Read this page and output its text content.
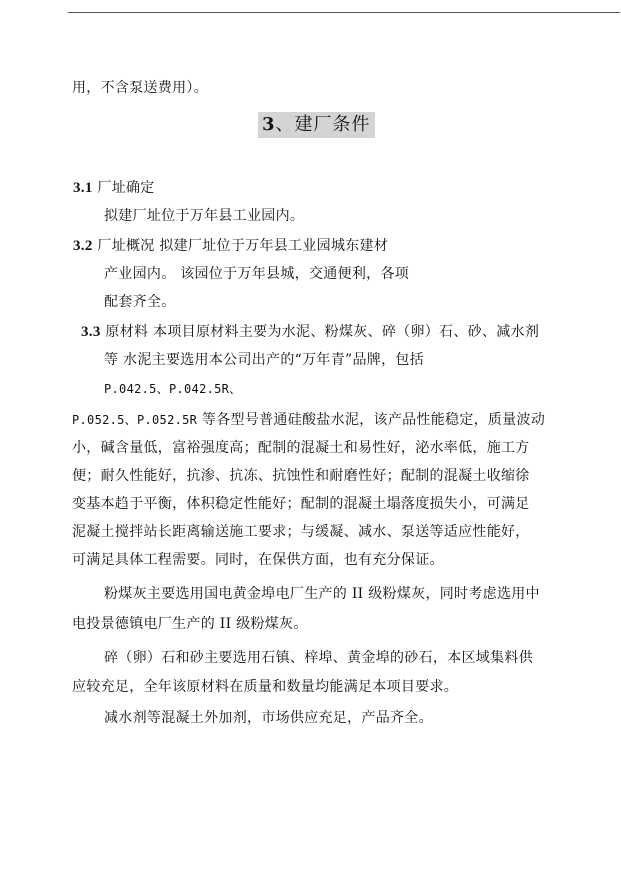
用，不含泵送费用）。
3、建厂条件
3.1 厂址确定
拟建厂址位于万年县工业园内。
3.2 厂址概况 拟建厂址位于万年县工业园城东建材
产业园内。 该园位于万年县城，交通便利，各项
配套齐全。
3.3 原材料 本项目原材料主要为水泥、粉煤灰、碎（卵）石、砂、减水剂
等 水泥主要选用本公司出产的“万年青”品牌，包括
P.042.5、P.042.5R、
P.052.5、P.052.5R 等各型号普通硅酸盐水泥，该产品性能稳定，质量波动
小，碱含量低，富裕强度高；配制的混凝土和易性好，泌水率低，施工方
便；耐久性能好，抗渗、抗冻、抗蚀性和耐磨性好；配制的混凝土收缩徐
变基本趋于平衡，体积稳定性能好；配制的混凝土塌落度损失小，可满足
泥凝土搅拌站长距离输送施工要求；与缓凝、减水、泵送等适应性能好，
可满足具体工程需要。同时，在保供方面，也有充分保证。
粉煤灰主要选用国电黄金埠电厂生产的 II 级粉煤灰，同时考虑选用中
电投景德镇电厂生产的 II 级粉煤灰。
碎（卵）石和砂主要选用石镇、梓埠、黄金埠的砂石，本区域集料供
应较充足，全年该原材料在质量和数量均能满足本项目要求。
减水剂等混凝土外加剂，市场供应充足，产品齐全。
